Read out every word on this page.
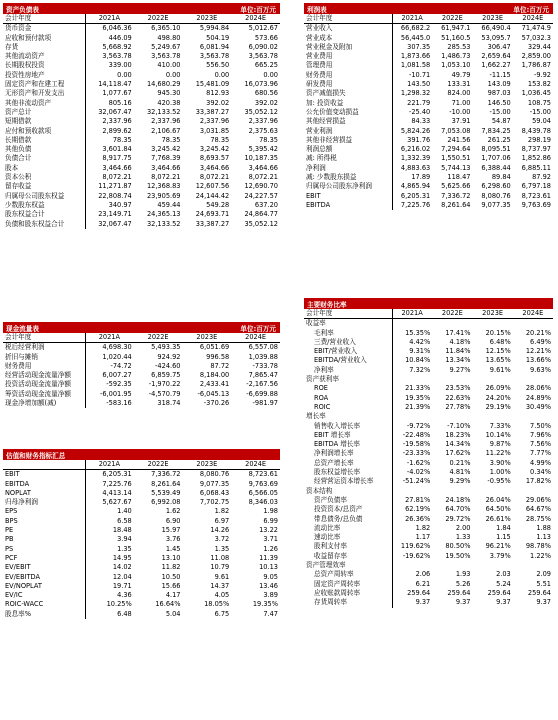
资产负债表	单位:百万元
会计年度	2021A	2022E	2023E	2024E
货币资金	6,046.36	6,365.10	5,994.84	5,012.67
应收和预付款项	446.09	498.80	504.19	573.66
存货	5,668.92	5,249.67	6,081.94	6,090.02
其他流动资产	3,563.78	3,563.78	3,563.78	3,563.78
长期股权投资	339.00	410.00	556.50	665.25
投资性房地产	0.00	0.00	0.00	0.00
固定资产和在建工程	14,118.47	14,680.29	15,481.09	16,073.96
无形资产和开发支出	1,077.67	945.30	812.93	680.56
其他非流动资产	805.16	420.38	392.02	392.02
资产总计	32,067.47	32,133.52	33,387.27	35,052.12
短期借款	2,337.96	2,337.96	2,337.96	2,337.96
应付和预收款项	2,899.62	2,106.67	3,031.85	2,375.63
长期借款	78.35	78.35	78.35	78.35
其他负债	3,601.84	3,245.42	3,245.42	5,395.42
负债合计	8,917.75	7,768.39	8,693.57	10,187.35
股本	3,464.66	3,464.66	3,464.66	3,464.66
资本公积	8,072.21	8,072.21	8,072.21	8,072.21
留存收益	11,271.87	12,368.83	12,607.56	12,690.70
归属母公司股东权益	22,808.74	23,905.69	24,144.42	24,227.57
少数股东权益	340.97	459.44	549.28	637.20
股东权益合计	23,149.71	24,365.13	24,693.71	24,864.77
负债和股东权益合计	32,067.47	32,133.52	33,387.27	35,052.12
现金流量表	单位:百万元
会计年度	2021A	2022E	2023E	2024E
税后经营利润	4,698.30	5,493.35	6,051.69	6,557.08
折旧与摊销	1,020.44	924.92	996.58	1,039.88
财务费用	-74.72	-424.60	87.72	-733.78
经营活动现金流量净额	6,007.27	6,859.75	8,184.00	7,865.47
投资活动现金流量净额	-592.35	-1,970.22	2,433.41	-2,167.56
筹资活动现金流量净额	-6,001.95	-4,570.79	-6,045.13	-6,699.88
现金净增加额(减)	-583.16	318.74	-370.26	-981.97
估值和财务指标汇总
	2021A	2022E	2023E	2024E
EBIT	6,205.31	7,336.72	8,080.76	8,723.61
EBITDA	7,225.76	8,261.64	9,077.35	9,763.69
NOPLAT	4,413.14	5,539.49	6,068.43	6,566.05
归母净利润	5,627.67	6,992.08	7,702.75	8,346.03
EPS	1.40	1.62	1.82	1.98
BPS	6.58	6.90	6.97	6.99
PE	18.48	15.97	14.26	13.22
PB	3.94	3.76	3.72	3.71
PS	1.35	1.45	1.35	1.26
PCF	14.95	13.10	11.08	11.39
EV/EBIT	14.02	11.82	10.79	10.13
EV/EBITDA	12.04	10.50	9.61	9.05
EV/NOPLAT	19.71	15.66	14.37	13.46
EV/IC	4.36	4.17	4.05	3.89
ROIC-WACC	10.25%	16.64%	18.05%	19.35%
股息率%	6.48	5.04	6.75	7.47
利润表	单位:百万元
会计年度	2021A	2022E	2023E	2024E
营业收入	66,682.2	61,947.1	66,490.4	71,474.9
营业成本	56,445.0	51,160.5	53,095.7	57,032.3
营业税金及附加	307.35	285.53	306.47	329.44
营业费用	1,873.66	1,486.73	2,659.64	2,859.00
管理费用	1,081.58	1,053.10	1,662.27	1,786.87
财务费用	-10.71	49.79	-11.15	-9.92
研发费用	143.50	133.31	143.09	153.82
资产减值损失	1,298.32	824.00	987.03	1,036.45
加: 投资收益	221.79	71.00	146.50	108.75
公允价值变动损益	-25.40	-10.00	-15.00	-15.00
其他经营损益	84.33	37.91	54.87	59.04
营业利润	5,824.26	7,053.08	7,834.25	8,439.78
其他非经营损益	391.76	241.56	261.25	298.19
利润总额	6,216.02	7,294.64	8,095.51	8,737.97
减: 所得税	1,332.39	1,550.51	1,707.06	1,852.86
净利润	4,883.63	5,744.13	6,388.44	6,885.11
减: 少数股东损益	17.89	118.47	89.84	87.92
归属母公司股东净利润	4,865.94	5,625.66	6,298.60	6,797.18
EBIT	6,205.31	7,336.72	8,080.76	8,723.61
EBITDA	7,225.76	8,261.64	9,077.35	9,763.69
主要财务比率
会计年度	2021A	2022E	2023E	2024E
收益率				
毛利率	15.35%	17.41%	20.15%	20.21%
三费/营业收入	4.42%	4.18%	6.48%	6.49%
EBIT/营业收入	9.31%	11.84%	12.15%	12.21%
EBITDA/营业收入	10.84%	13.34%	13.65%	13.66%
净利率	7.32%	9.27%	9.61%	9.63%
资产获利率				
ROE	21.33%	23.53%	26.09%	28.06%
ROA	19.35%	22.63%	24.20%	24.89%
ROIC	21.39%	27.78%	29.19%	30.49%
增长率				
销售收入增长率	-9.72%	-7.10%	7.33%	7.50%
EBIT 增长率	-22.48%	18.23%	10.14%	7.96%
EBITDA 增长率	-19.58%	14.34%	9.87%	7.56%
净利润增长率	-23.33%	17.62%	11.22%	7.77%
总资产增长率	-1.62%	0.21%	3.90%	4.99%
股东权益增长率	-4.02%	4.81%	1.00%	0.34%
经营营运资本增长率	-51.24%	9.29%	-0.95%	17.82%
资本结构				
资产负债率	27.81%	24.18%	26.04%	29.06%
投资资本/总资产	62.19%	64.70%	64.50%	64.67%
带息债务/总负债	26.36%	29.72%	26.61%	28.75%
流动比率	1.82	2.00	1.84	1.88
速动比率	1.17	1.33	1.15	1.13
股利支付率	119.62%	80.50%	96.21%	98.78%
收益留存率	-19.62%	19.50%	3.79%	1.22%
资产管理效率				
总资产周转率	2.06	1.93	2.03	2.09
固定资产周转率	6.21	5.26	5.24	5.51
应收账款周转率	259.64	259.64	259.64	259.64
存货周转率	9.37	9.37	9.37	9.37
